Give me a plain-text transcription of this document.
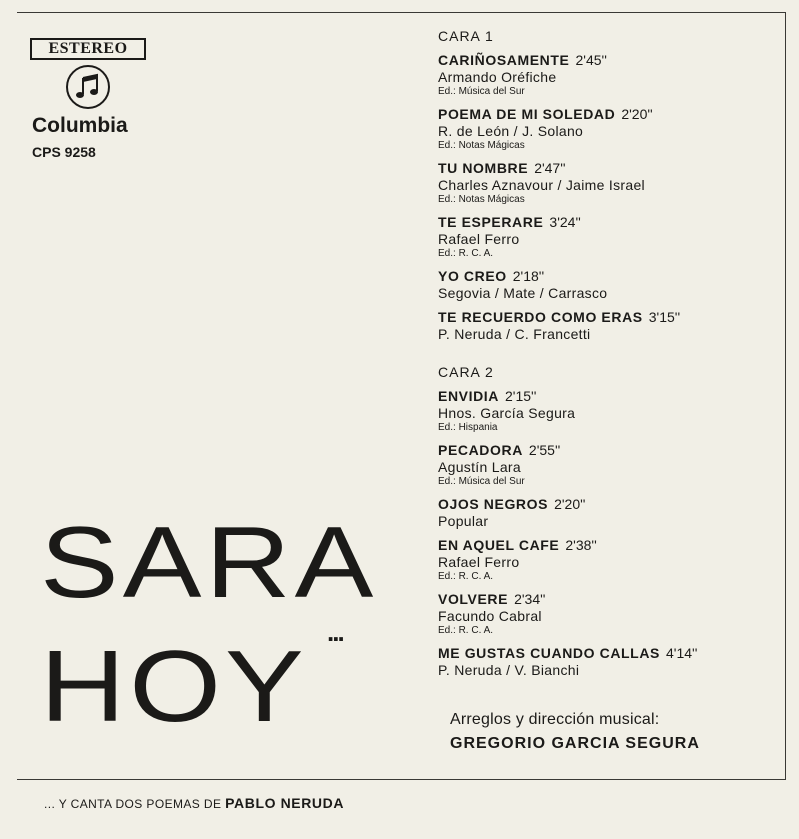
ESTEREO
Columbia
CPS 9258
SARA
...
HOY
CARA 1
CARIÑOSAMENTE 2'45''
Armando Oréfiche
Ed.: Música del Sur
POEMA DE MI SOLEDAD 2'20''
R. de León / J. Solano
Ed.: Notas Mágicas
TU NOMBRE 2'47''
Charles Aznavour / Jaime Israel
Ed.: Notas Mágicas
TE ESPERARE 3'24''
Rafael Ferro
Ed.: R. C. A.
YO CREO 2'18''
Segovia / Mate / Carrasco
TE RECUERDO COMO ERAS 3'15''
P. Neruda / C. Francetti
CARA 2
ENVIDIA 2'15''
Hnos. García Segura
Ed.: Hispania
PECADORA 2'55''
Agustín Lara
Ed.: Música del Sur
OJOS NEGROS 2'20''
Popular
EN AQUEL CAFE 2'38''
Rafael Ferro
Ed.: R. C. A.
VOLVERE 2'34''
Facundo Cabral
Ed.: R. C. A.
ME GUSTAS CUANDO CALLAS 4'14''
P. Neruda / V. Bianchi
Arreglos y dirección musical:
GREGORIO GARCIA SEGURA
... Y CANTA DOS POEMAS DE PABLO NERUDA
